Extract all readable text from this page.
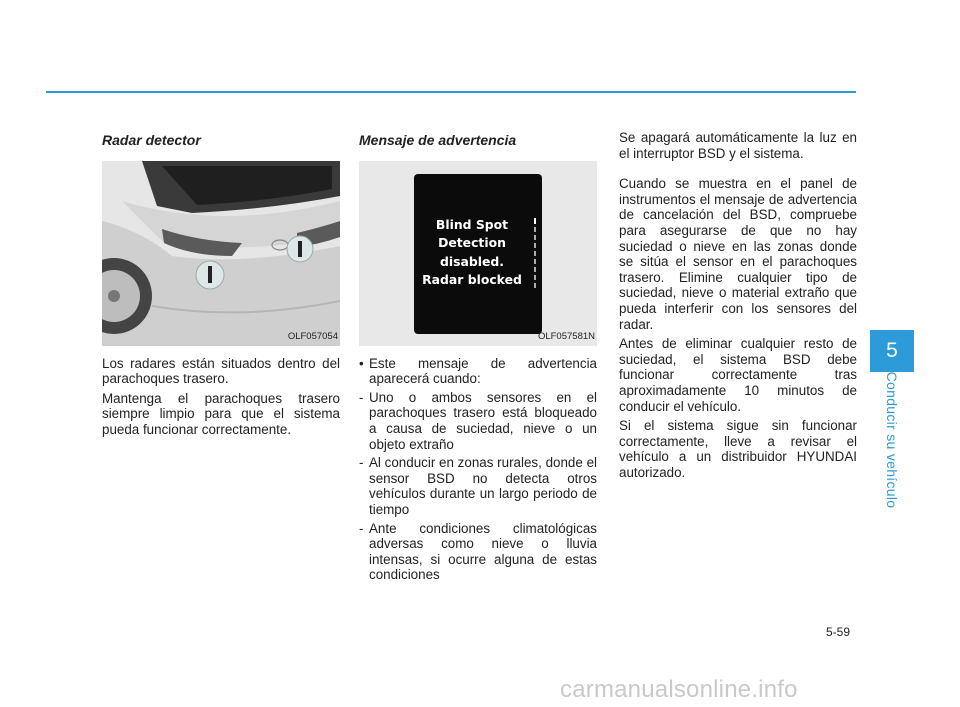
Radar detector
OLF057054

Los radares están situados dentro del parachoques trasero.

Mantenga el parachoques trasero siempre limpio para que el sistema pueda funcionar correctamente.

Mensaje de advertencia
Blind Spot
Detection
disabled.
Radar blocked
OLF057581N

• Este mensaje de advertencia aparecerá cuando:

- Uno o ambos sensores en el parachoques trasero está bloqueado a causa de suciedad, nieve o un objeto extraño

- Al conducir en zonas rurales, donde el sensor BSD no detecta otros vehículos durante un largo periodo de tiempo

- Ante condiciones climatológicas adversas como nieve o lluvia intensas, si ocurre alguna de estas condiciones

Se apagará automáticamente la luz en el interruptor BSD y el sistema.

Cuando se muestra en el panel de instrumentos el mensaje de advertencia de cancelación del BSD, compruebe para asegurarse de que no hay suciedad o nieve en las zonas donde se sitúa el sensor en el parachoques trasero. Elimine cualquier tipo de suciedad, nieve o material extraño que pueda interferir con los sensores del radar.

Antes de eliminar cualquier resto de suciedad, el sistema BSD debe funcionar correctamente tras aproximadamente 10 minutos de conducir el vehículo.

Si el sistema sigue sin funcionar correctamente, lleve a revisar el vehículo a un distribuidor HYUNDAI autorizado.

5
Conducir su vehículo
5-59
carmanualsonline.info
